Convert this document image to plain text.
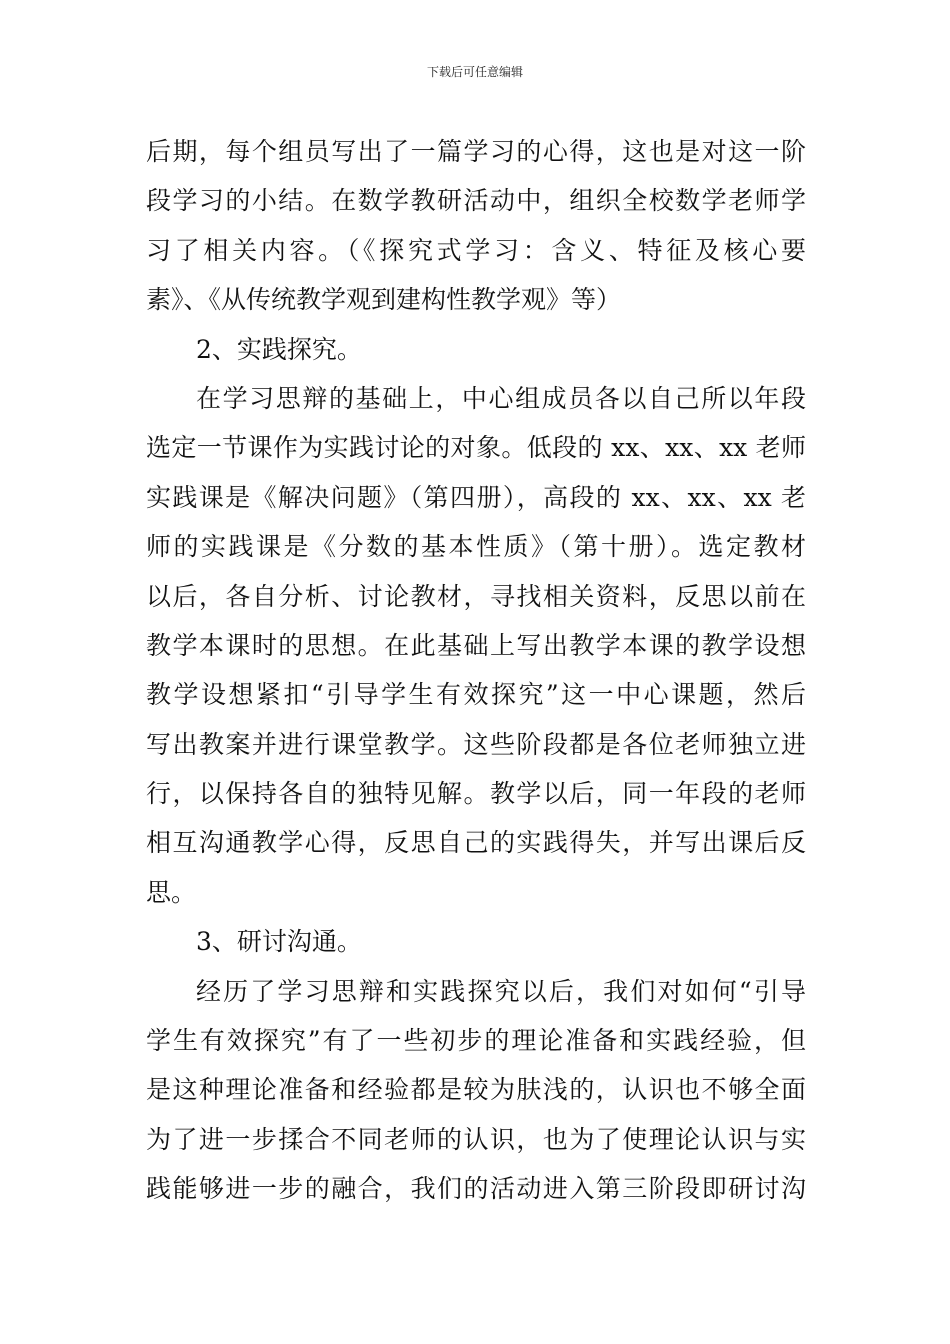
下载后可任意编辑
后期，每个组员写出了一篇学习的心得，这也是对这一阶
段学习的小结。在数学教研活动中，组织全校数学老师学
习了相关内容。（《探究式学习：含义、特征及核心要
素》、《从传统教学观到建构性教学观》等）
2、实践探究。
在学习思辩的基础上，中心组成员各以自己所以年段
选定一节课作为实践讨论的对象。低段的 xx、xx、xx 老师
实践课是《解决问题》（第四册），高段的 xx、xx、xx 老
师的实践课是《分数的基本性质》（第十册）。选定教材
以后，各自分析、讨论教材，寻找相关资料，反思以前在
教学本课时的思想。在此基础上写出教学本课的教学设想
教学设想紧扣“引导学生有效探究”这一中心课题，然后
写出教案并进行课堂教学。这些阶段都是各位老师独立进
行，以保持各自的独特见解。教学以后，同一年段的老师
相互沟通教学心得，反思自己的实践得失，并写出课后反
思。
3、研讨沟通。
经历了学习思辩和实践探究以后，我们对如何“引导
学生有效探究”有了一些初步的理论准备和实践经验，但
是这种理论准备和经验都是较为肤浅的，认识也不够全面
为了进一步揉合不同老师的认识，也为了使理论认识与实
践能够进一步的融合，我们的活动进入第三阶段即研讨沟
